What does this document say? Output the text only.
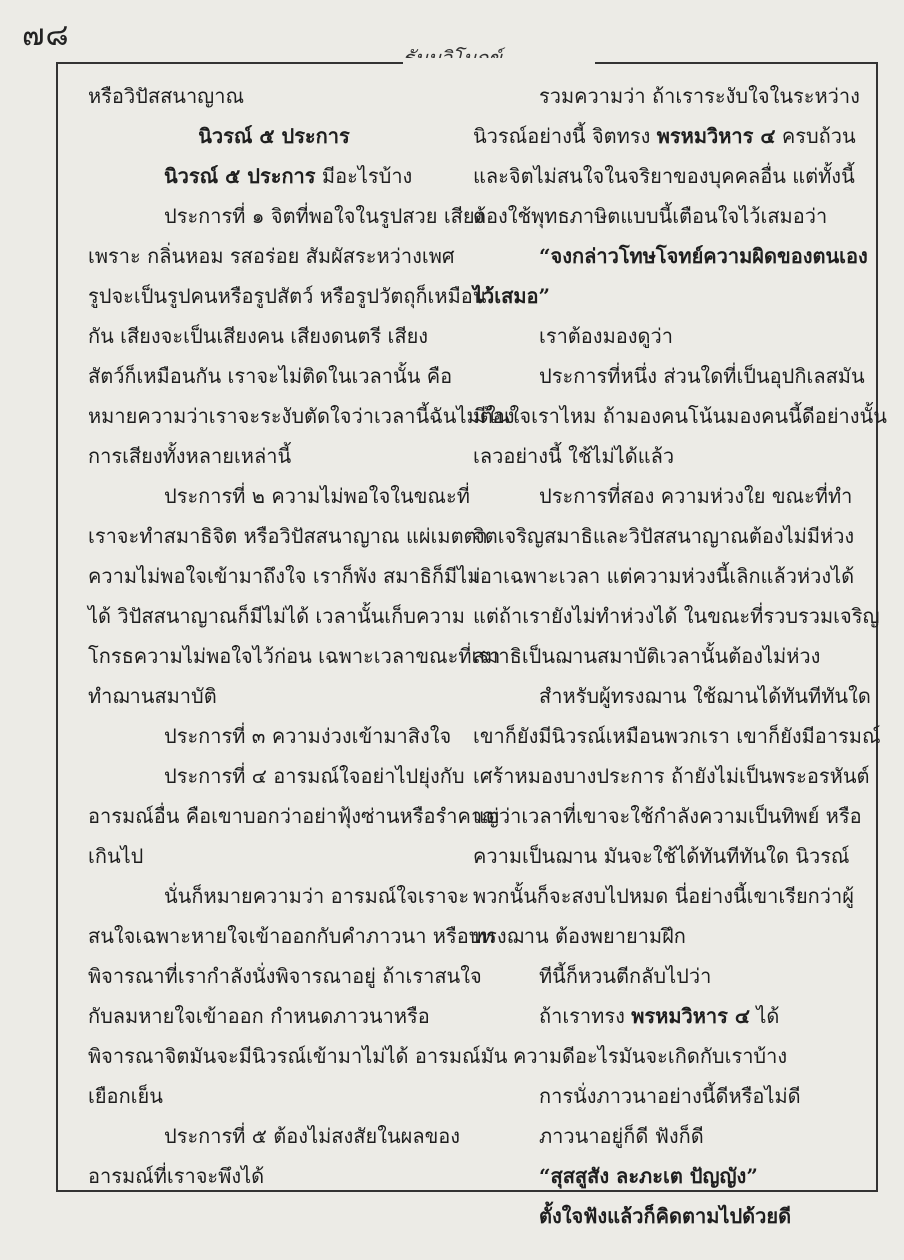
๗๘
หรือวิปัสสนาญาณ
นิวรณ์ ๕ ประการ
นิวรณ์ ๕ ประการ มีอะไรบ้าง
ประการที่ ๑ จิตที่พอใจในรูปสวย เสียง
เพราะ กลิ่นหอม รสอร่อย สัมผัสระหว่างเพศ
รูปจะเป็นรูปคนหรือรูปสัตว์ หรือรูปวัตถุก็เหมือน
กัน เสียงจะเป็นเสียงคน เสียงดนตรี เสียง
สัตว์ก็เหมือนกัน เราจะไม่ติดในเวลานั้น คือ
หมายความว่าเราจะระงับตัดใจว่าเวลานี้ฉันไม่ต้อง
การเสียงทั้งหลายเหล่านี้
ประการที่ ๒ ความไม่พอใจในขณะที่
เราจะทำสมาธิจิต หรือวิปัสสนาญาณ แผ่เมตตา
ความไม่พอใจเข้ามาถึงใจ เราก็พัง สมาธิก็มีไม่
ได้ วิปัสสนาญาณก็มีไม่ได้ เวลานั้นเก็บความ
โกรธความไม่พอใจไว้ก่อน เฉพาะเวลาขณะที่เรา
ทำฌานสมาบัติ
ประการที่ ๓ ความง่วงเข้ามาสิงใจ
ประการที่ ๔ อารมณ์ใจอย่าไปยุ่งกับ
อารมณ์อื่น คือเขาบอกว่าอย่าฟุ้งซ่านหรือรำคาญ
เกินไป
นั่นก็หมายความว่า อารมณ์ใจเราจะ
สนใจเฉพาะหายใจเข้าออกกับคำภาวนา หรือบท
พิจารณาที่เรากำลังนั่งพิจารณาอยู่ ถ้าเราสนใจ
กับลมหายใจเข้าออก กำหนดภาวนาหรือ
พิจารณาจิตมันจะมีนิวรณ์เข้ามาไม่ได้ อารมณ์มัน
เยือกเย็น
ประการที่ ๕ ต้องไม่สงสัยในผลของ
อารมณ์ที่เราจะพึงได้
รวมความว่า ถ้าเราระงับใจในระหว่าง
นิวรณ์อย่างนี้ จิตทรง พรหมวิหาร ๔ ครบถ้วน
และจิตไม่สนใจในจริยาของบุคคลอื่น แต่ทั้งนี้
ต้องใช้พุทธภาษิตแบบนี้เตือนใจไว้เสมอว่า
“จงกล่าวโทษโจทย์ความผิดของตนเอง
ไว้เสมอ”
เราต้องมองดูว่า
ประการที่หนึ่ง ส่วนใดที่เป็นอุปกิเลสมัน
มีในใจเราไหม ถ้ามองคนโน้นมองคนนี้ดีอย่างนั้น
เลวอย่างนี้ ใช้ไม่ได้แล้ว
ประการที่สอง ความห่วงใย ขณะที่ทำ
จิตเจริญสมาธิและวิปัสสนาญาณต้องไม่มีห่วง
เอาเฉพาะเวลา แต่ความห่วงนี้เลิกแล้วห่วงได้
แต่ถ้าเรายังไม่ทำห่วงได้ ในขณะที่รวบรวมเจริญ
สมาธิเป็นฌานสมาบัติเวลานั้นต้องไม่ห่วง
สำหรับผู้ทรงฌาน ใช้ฌานได้ทันทีทันใด
เขาก็ยังมีนิวรณ์เหมือนพวกเรา เขาก็ยังมีอารมณ์
เศร้าหมองบางประการ ถ้ายังไม่เป็นพระอรหันต์
แต่ว่าเวลาที่เขาจะใช้กำลังความเป็นทิพย์ หรือ
ความเป็นฌาน มันจะใช้ได้ทันทีทันใด นิวรณ์
พวกนั้นก็จะสงบไปหมด นี่อย่างนี้เขาเรียกว่าผู้
ทรงฌาน ต้องพยายามฝึก
ทีนี้ก็หวนตีกลับไปว่า
ถ้าเราทรง พรหมวิหาร ๔ ได้
ความดีอะไรมันจะเกิดกับเราบ้าง
การนั่งภาวนาอย่างนี้ดีหรือไม่ดี
ภาวนาอยู่ก็ดี ฟังก็ดี
“สุสสูสัง ละภะเต ปัญญัง”
ตั้งใจฟังแล้วก็คิดตามไปด้วยดี
